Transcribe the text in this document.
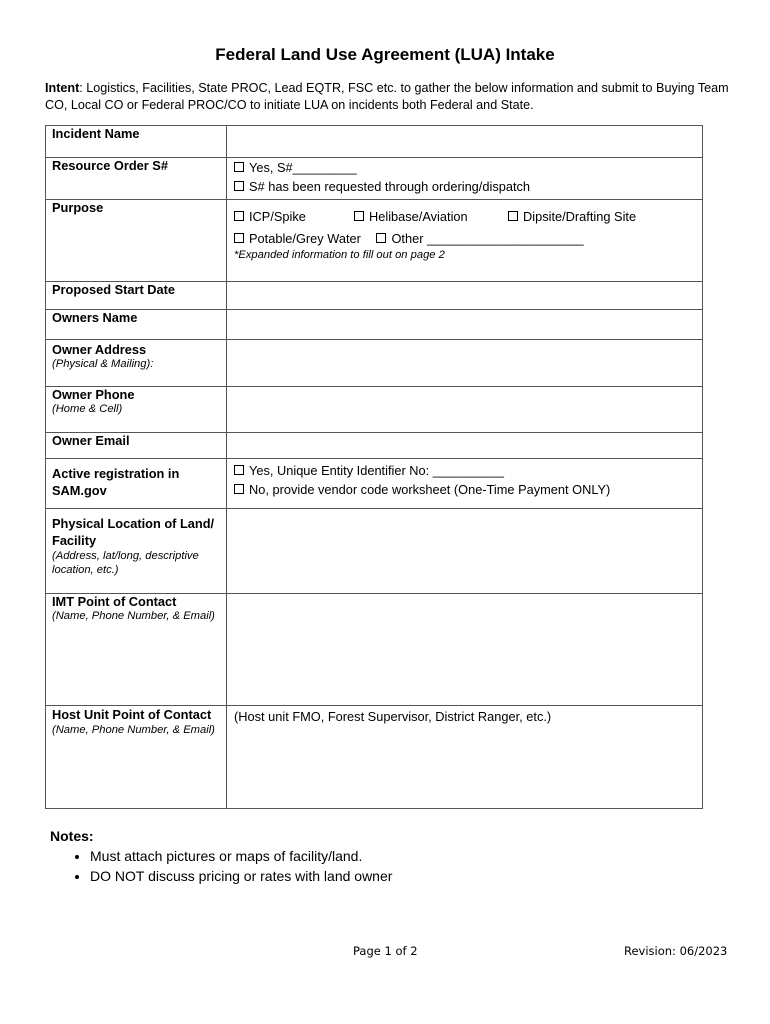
Federal Land Use Agreement (LUA) Intake
Intent: Logistics, Facilities, State PROC, Lead EQTR, FSC etc. to gather the below information and submit to Buying Team CO, Local CO or Federal PROC/CO to initiate LUA on incidents both Federal and State.
Incident Name	

Resource Order S#	Yes, S#_________
S# has been requested through ordering/dispatch

Purpose	ICP/Spike Helibase/Aviation Dipsite/Drafting Site
Potable/Grey Water Other ______________________
*Expanded information to fill out on page 2

Proposed Start Date	

Owners Name	

Owner Address
(Physical & Mailing):	

Owner Phone
(Home & Cell)	

Owner Email	

Active registration in SAM.gov	Yes, Unique Entity Identifier No: __________
No, provide vendor code worksheet (One-Time Payment ONLY)

Physical Location of Land/ Facility
(Address, lat/long, descriptive location, etc.)	

IMT Point of Contact
(Name, Phone Number, & Email)	

Host Unit Point of Contact
(Name, Phone Number, & Email)	(Host unit FMO, Forest Supervisor, District Ranger, etc.)
Notes:
• Must attach pictures or maps of facility/land.
• DO NOT discuss pricing or rates with land owner
Page 1 of 2	Revision: 06/2023
